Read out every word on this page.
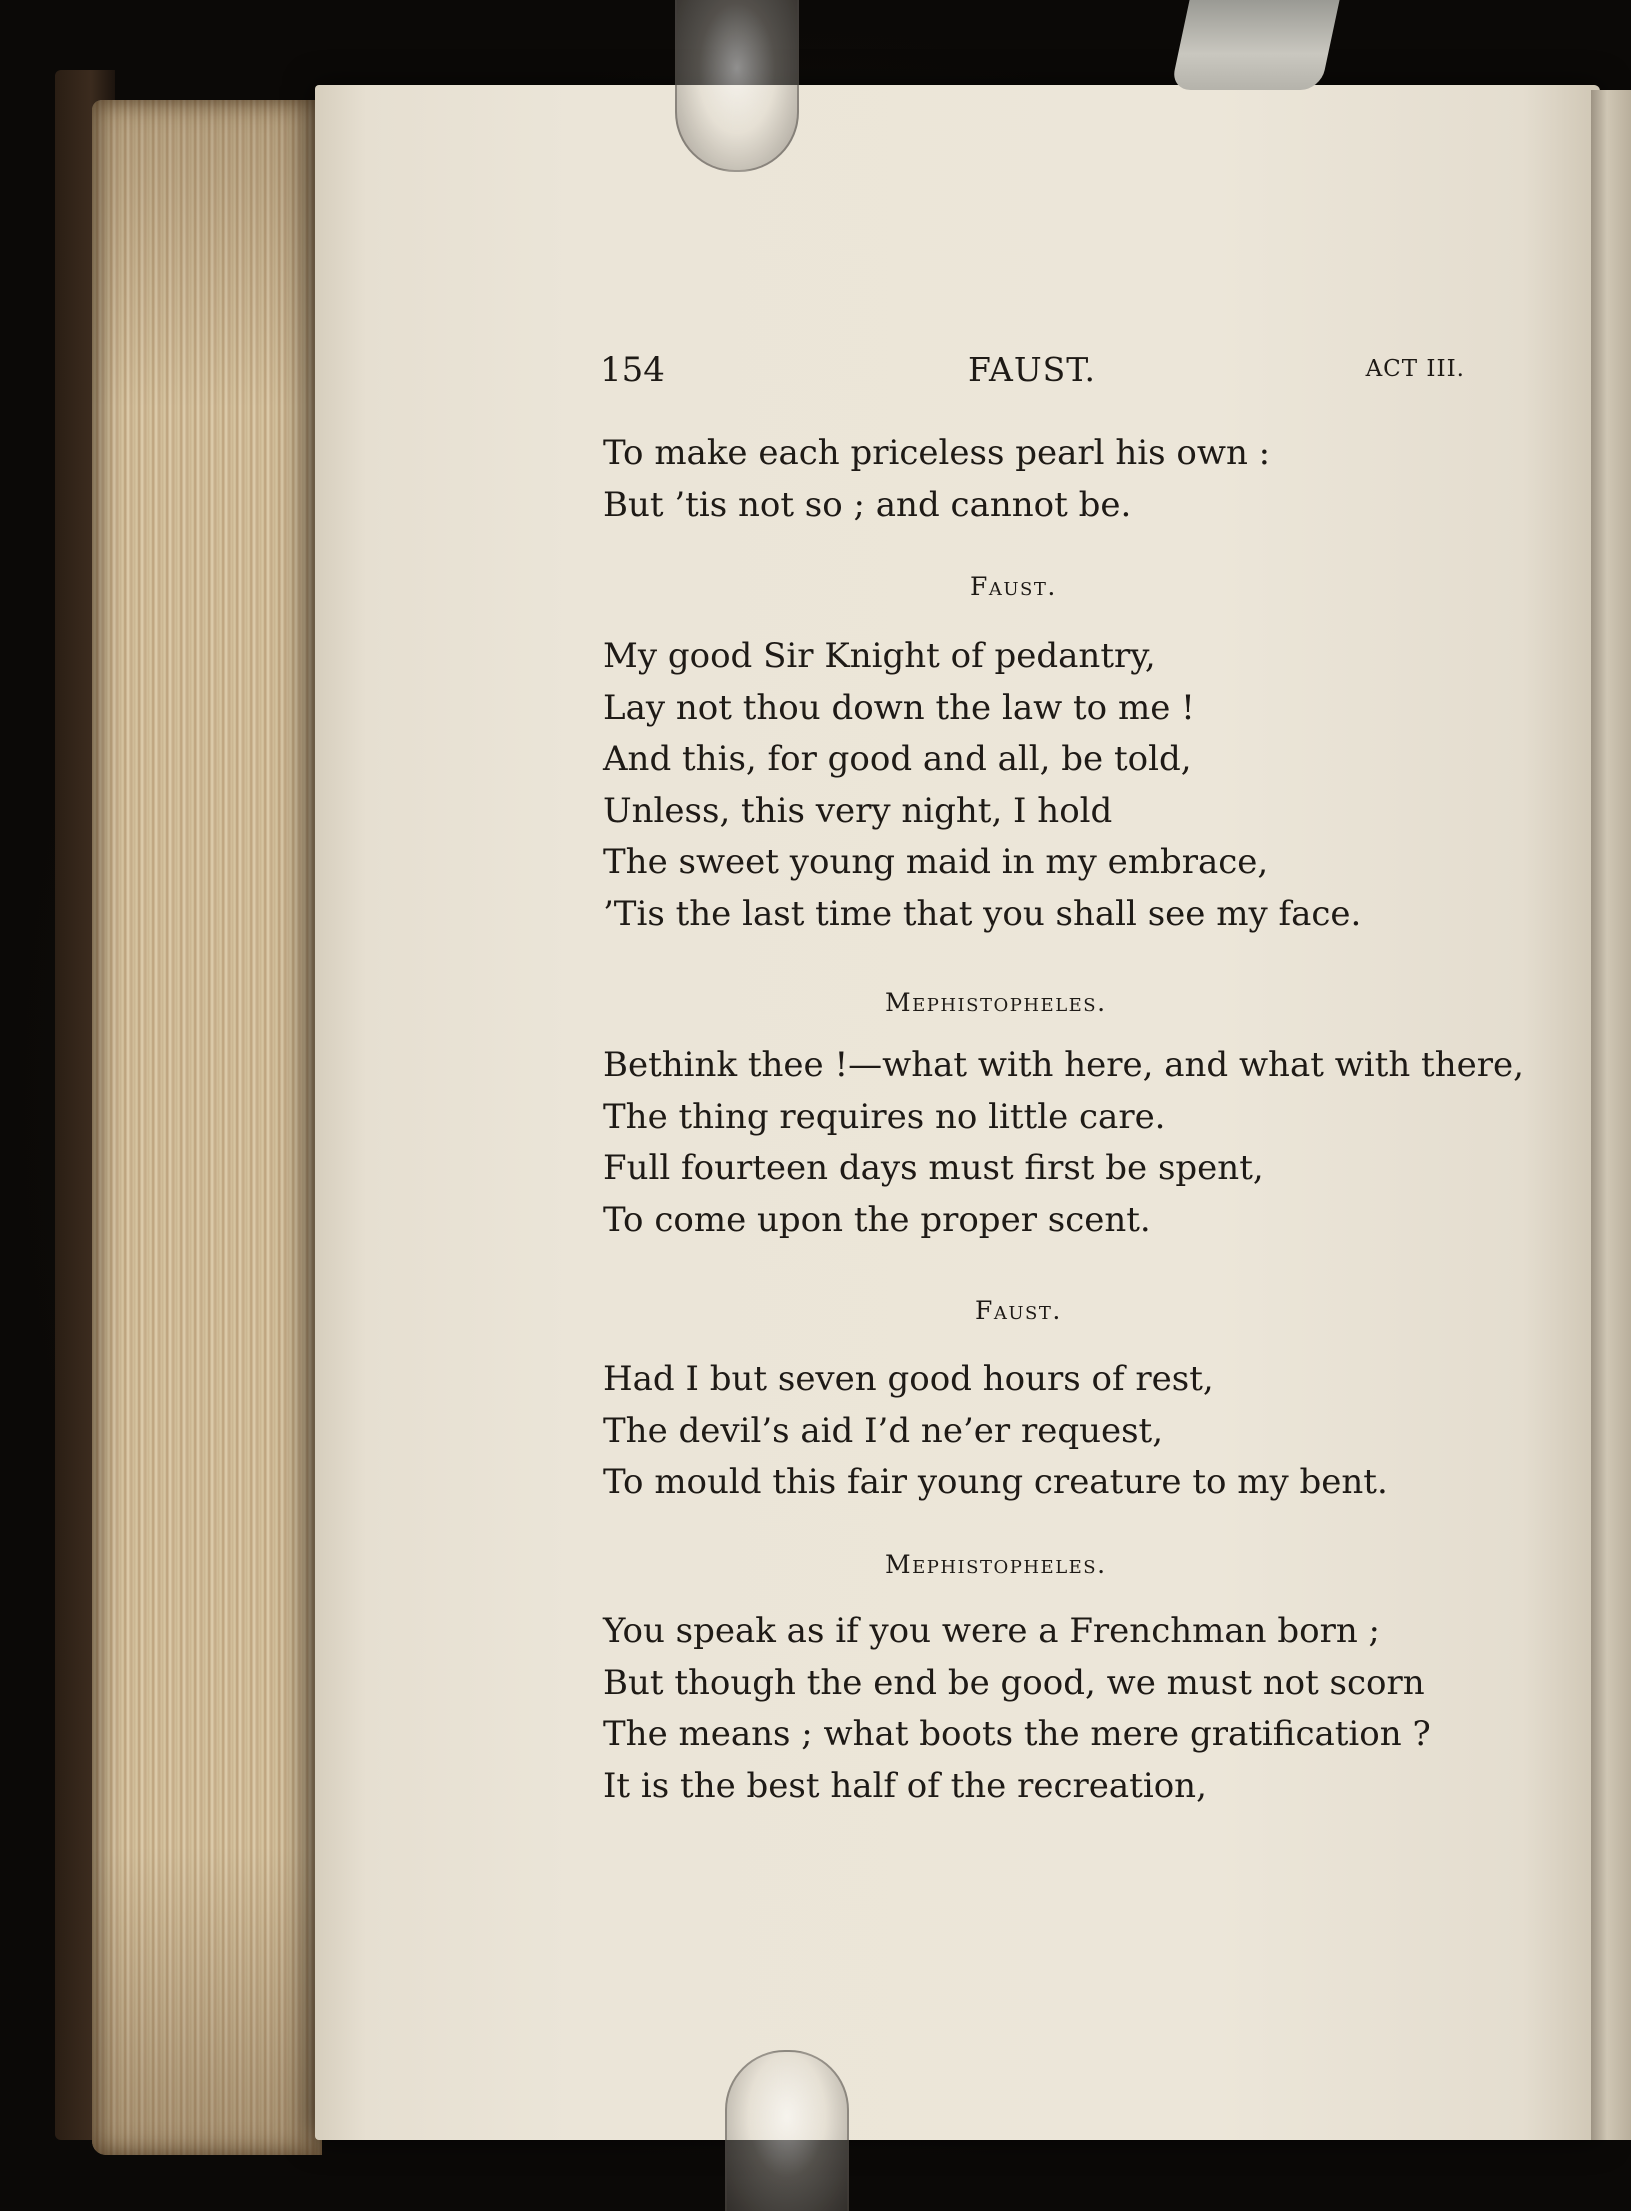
154	FAUST.	ACT III.
To make each priceless pearl his own :
But ’tis not so ; and cannot be.
Faust.
My good Sir Knight of pedantry,
Lay not thou down the law to me !
And this, for good and all, be told,
Unless, this very night, I hold
The sweet young maid in my embrace,
’Tis the last time that you shall see my face.
Mephistopheles.
Bethink thee !—what with here, and what with there,
The thing requires no little care.
Full fourteen days must first be spent,
To come upon the proper scent.
Faust.
Had I but seven good hours of rest,
The devil’s aid I’d ne’er request,
To mould this fair young creature to my bent.
Mephistopheles.
You speak as if you were a Frenchman born ;
But though the end be good, we must not scorn
The means ; what boots the mere gratification ?
It is the best half of the recreation,
